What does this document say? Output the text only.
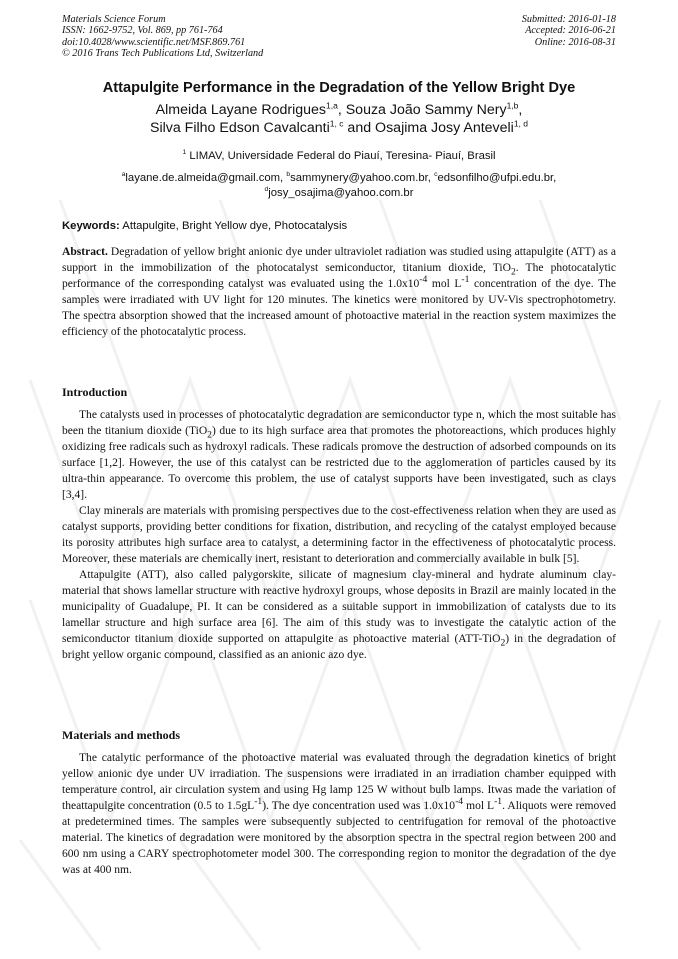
Materials Science Forum
ISSN: 1662-9752, Vol. 869, pp 761-764
doi:10.4028/www.scientific.net/MSF.869.761
© 2016 Trans Tech Publications Ltd, Switzerland
Submitted: 2016-01-18
Accepted: 2016-06-21
Online: 2016-08-31
Attapulgite Performance in the Degradation of the Yellow Bright Dye
Almeida Layane Rodrigues$^{1,a}$, Souza João Sammy Nery$^{1,b}$,
Silva Filho Edson Cavalcanti$^{1, c}$ and Osajima Josy Anteveli$^{1, d}$
$^1$ LIMAV, Universidade Federal do Piauí, Teresina- Piauí, Brasil
$^a$layane.de.almeida@gmail.com, $^b$sammynery@yahoo.com.br, $^c$edsonfilho@ufpi.edu.br,
$^d$josy_osajima@yahoo.com.br
Keywords: Attapulgite, Bright Yellow dye, Photocatalysis

Abstract. Degradation of yellow bright anionic dye under ultraviolet radiation was studied using attapulgite (ATT) as a support in the immobilization of the photocatalyst semiconductor, titanium dioxide, TiO$_2$. The photocatalytic performance of the corresponding catalyst was evaluated using the $1.0x10^{-4}$ mol $L^{-1}$ concentration of the dye. The samples were irradiated with UV light for 120 minutes. The kinetics were monitored by UV-Vis spectrophotometry. The spectra absorption showed that the increased amount of photoactive material in the reaction system maximizes the efficiency of the photocatalytic process.

Introduction

The catalysts used in processes of photocatalytic degradation are semiconductor type n, which the most suitable has been the titanium dioxide (TiO$_2$) due to its high surface area that promotes the photoreactions, which produces highly oxidizing free radicals such as hydroxyl radicals. These radicals promove the destruction of adsorbed compounds on its surface [1,2]. However, the use of this catalyst can be restricted due to the agglomeration of particles caused by its ultra-thin appearance. To overcome this problem, the use of catalyst supports have been investigated, such as clays [3,4].

Clay minerals are materials with promising perspectives due to the cost-effectiveness relation when they are used as catalyst supports, providing better conditions for fixation, distribution, and recycling of the catalyst employed because its porosity attributes high surface area to catalyst, a determining factor in the effectiveness of photocatalytic process. Moreover, these materials are chemically inert, resistant to deterioration and commercially available in bulk [5].

Attapulgite (ATT), also called palygorskite, silicate of magnesium clay-mineral and hydrate aluminum clay-material that shows lamellar structure with reactive hydroxyl groups, whose deposits in Brazil are mainly located in the municipality of Guadalupe, PI. It can be considered as a suitable support in immobilization of catalysts due to its lamellar structure and high surface area [6]. The aim of this study was to investigate the catalytic action of the semiconductor titanium dioxide supported on attapulgite as photoactive material (ATT-TiO$_2$) in the degradation of bright yellow organic compound, classified as an anionic azo dye.

Materials and methods

The catalytic performance of the photoactive material was evaluated through the degradation kinetics of bright yellow anionic dye under UV irradiation. The suspensions were irradiated in an irradiation chamber equipped with temperature control, air circulation system and using Hg lamp 125 W without bulb lamps. Itwas made the variation of theattapulgite concentration (0.5 to $1.5gL^{-1}$). The dye concentration used was $1.0x10^{-4}$ mol $L^{-1}$. Aliquots were removed at predetermined times. The samples were subsequently subjected to centrifugation for removal of the photoactive material. The kinetics of degradation were monitored by the absorption spectra in the spectral region between 200 and 600 nm using a CARY spectrophotometer model 300. The corresponding region to monitor the degradation of the dye was at 400 nm.
